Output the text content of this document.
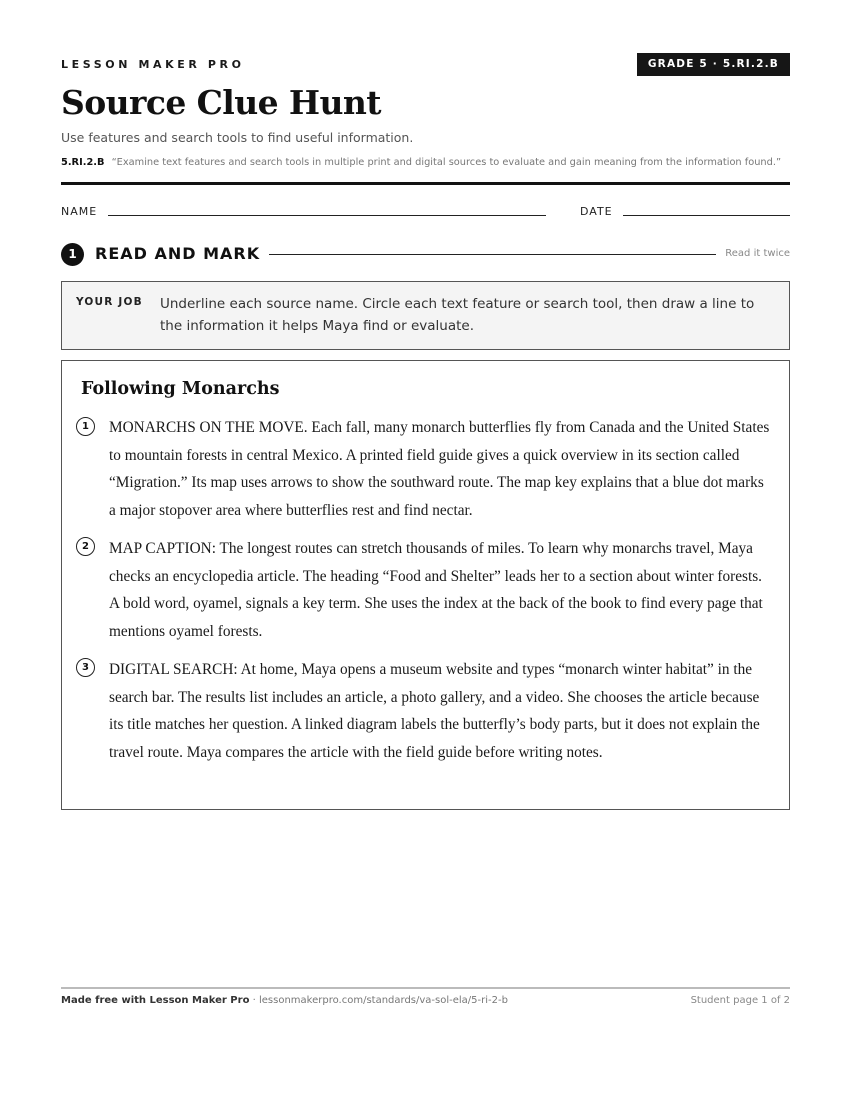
LESSON MAKER PRO	GRADE 5 · 5.RI.2.B
Source Clue Hunt
Use features and search tools to find useful information.
5.RI.2.B “Examine text features and search tools in multiple print and digital sources to evaluate and gain meaning from the information found.”
NAME	DATE
1	READ AND MARK	Read it twice
YOUR JOB Underline each source name. Circle each text feature or search tool, then draw a line to the information it helps Maya find or evaluate.
Following Monarchs
1	MONARCHS ON THE MOVE. Each fall, many monarch butterflies fly from Canada and the United States to mountain forests in central Mexico. A printed field guide gives a quick overview in its section called “Migration.” Its map uses arrows to show the southward route. The map key explains that a blue dot marks a major stopover area where butterflies rest and find nectar.
2	MAP CAPTION: The longest routes can stretch thousands of miles. To learn why monarchs travel, Maya checks an encyclopedia article. The heading “Food and Shelter” leads her to a section about winter forests. A bold word, oyamel, signals a key term. She uses the index at the back of the book to find every page that mentions oyamel forests.
3	DIGITAL SEARCH: At home, Maya opens a museum website and types “monarch winter habitat” in the search bar. The results list includes an article, a photo gallery, and a video. She chooses the article because its title matches her question. A linked diagram labels the butterfly’s body parts, but it does not explain the travel route. Maya compares the article with the field guide before writing notes.
Made free with Lesson Maker Pro · lessonmakerpro.com/standards/va-sol-ela/5-ri-2-b	Student page 1 of 2
